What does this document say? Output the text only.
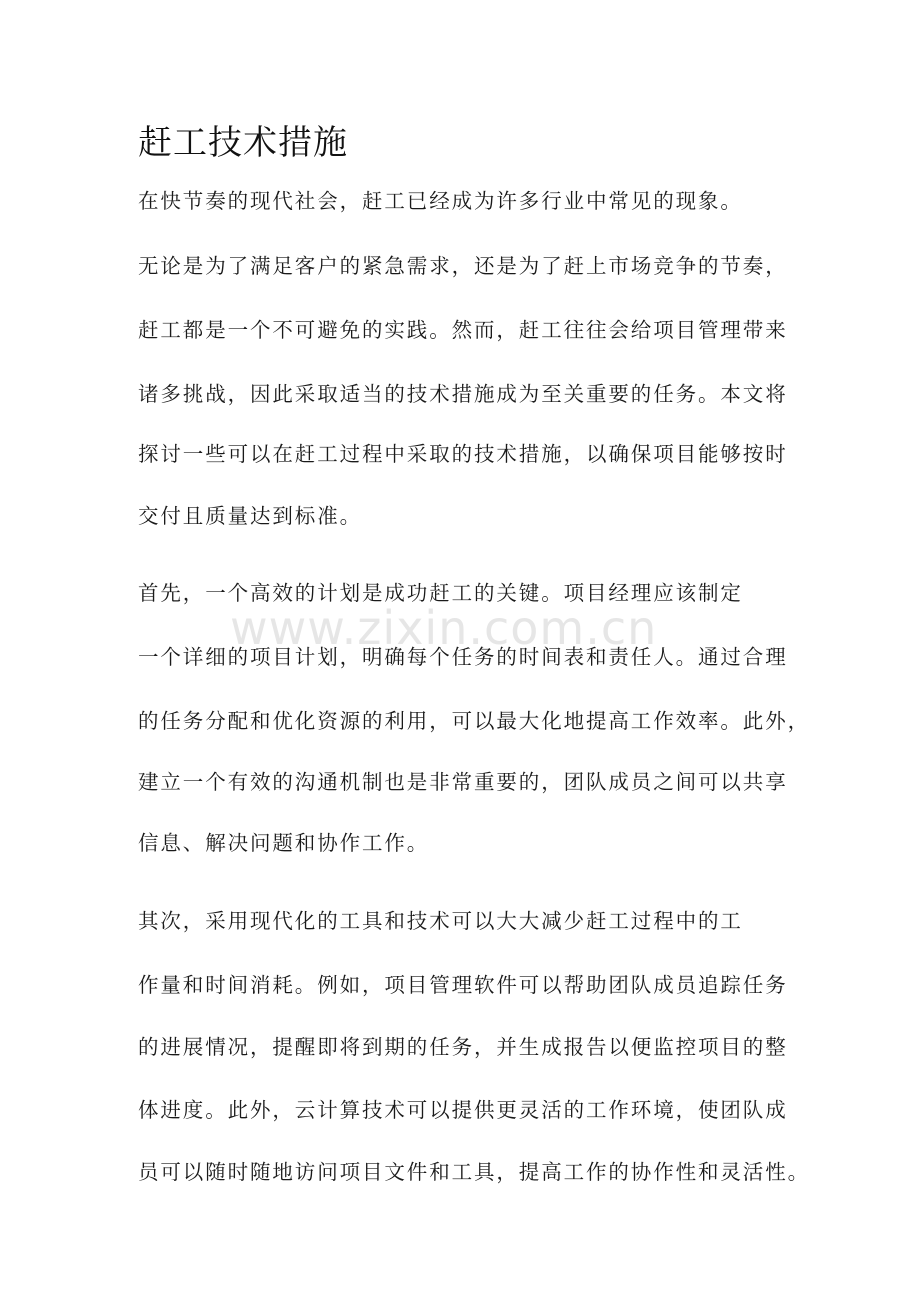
www.zixin.com.cn
赶工技术措施

在快节奏的现代社会，赶工已经成为许多行业中常见的现象。

无论是为了满足客户的紧急需求，还是为了赶上市场竞争的节奏，

赶工都是一个不可避免的实践。然而，赶工往往会给项目管理带来

诸多挑战，因此采取适当的技术措施成为至关重要的任务。本文将

探讨一些可以在赶工过程中采取的技术措施，以确保项目能够按时

交付且质量达到标准。

首先，一个高效的计划是成功赶工的关键。项目经理应该制定

一个详细的项目计划，明确每个任务的时间表和责任人。通过合理

的任务分配和优化资源的利用，可以最大化地提高工作效率。此外，

建立一个有效的沟通机制也是非常重要的，团队成员之间可以共享

信息、解决问题和协作工作。

其次，采用现代化的工具和技术可以大大减少赶工过程中的工

作量和时间消耗。例如，项目管理软件可以帮助团队成员追踪任务

的进展情况，提醒即将到期的任务，并生成报告以便监控项目的整

体进度。此外，云计算技术可以提供更灵活的工作环境，使团队成

员可以随时随地访问项目文件和工具，提高工作的协作性和灵活性。
